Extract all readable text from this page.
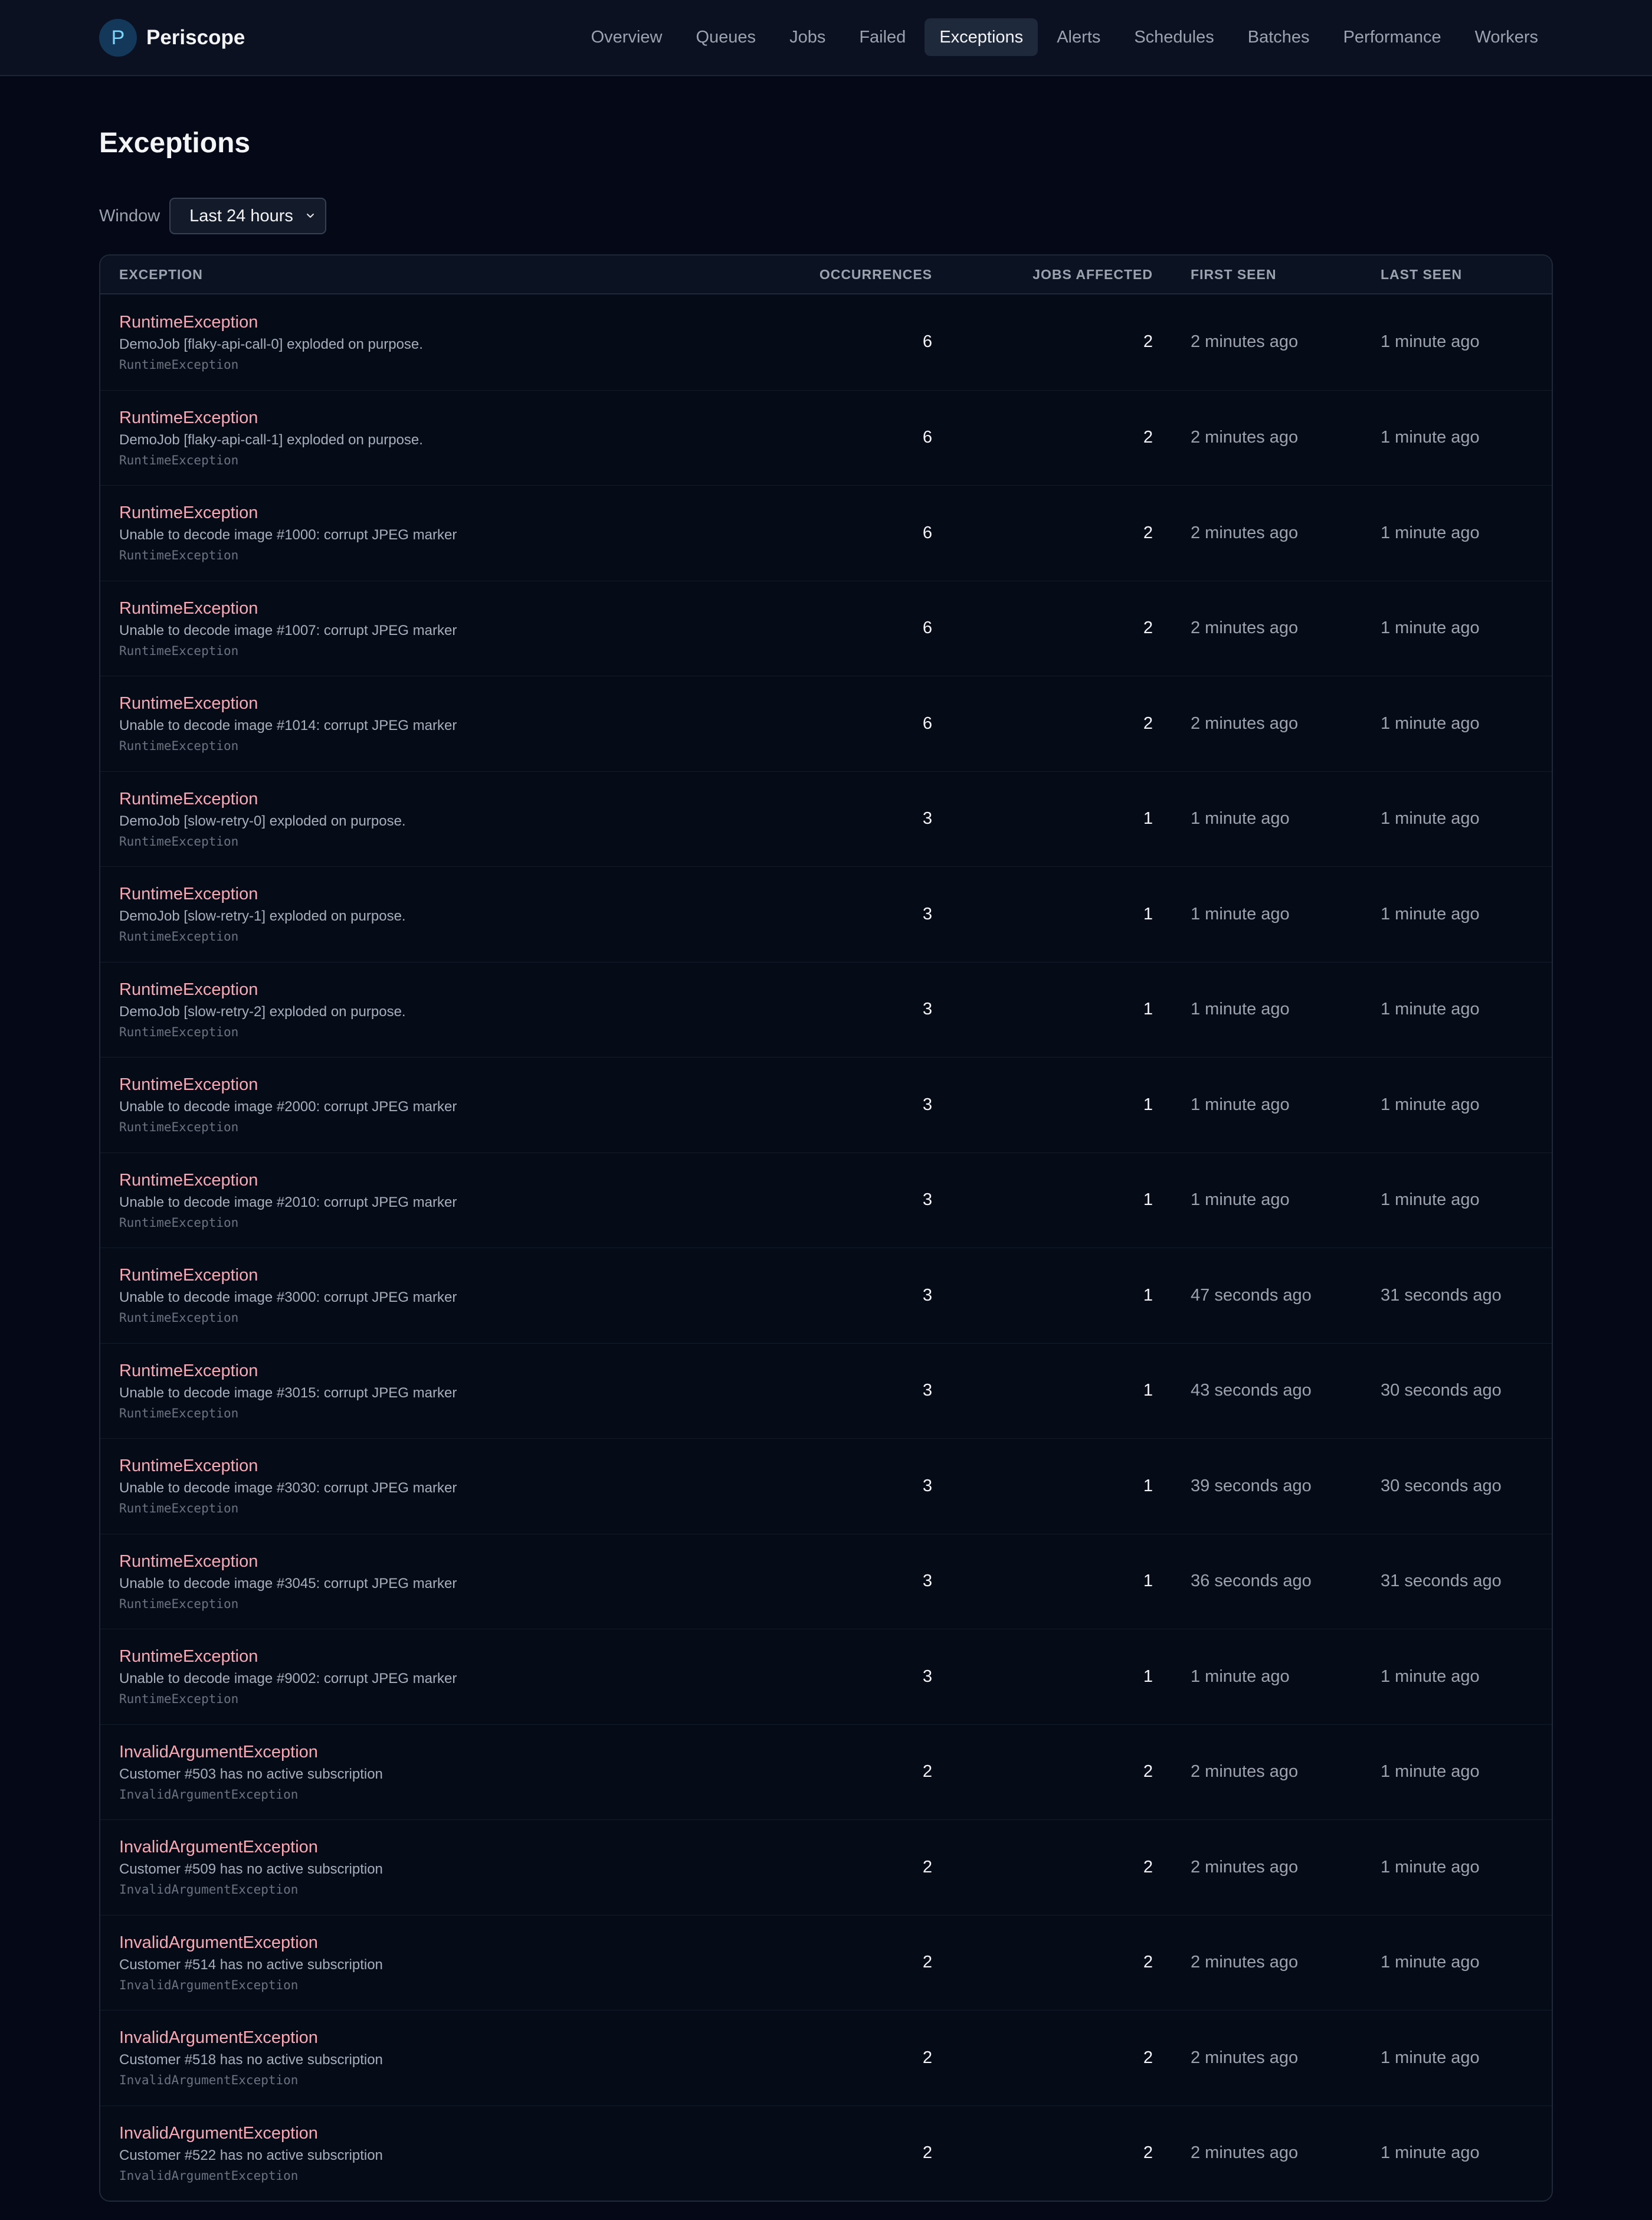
P	Periscope	Overview	Queues	Jobs	Failed	Exceptions	Alerts	Schedules	Batches	Performance	Workers
Exceptions
Window Last 24 hours
EXCEPTION	OCCURRENCES	JOBS AFFECTED	FIRST SEEN	LAST SEEN
RuntimeException
DemoJob [flaky-api-call-0] exploded on purpose.
RuntimeException
6	2	2 minutes ago	1 minute ago
RuntimeException
DemoJob [flaky-api-call-1] exploded on purpose.
RuntimeException
6	2	2 minutes ago	1 minute ago
RuntimeException
Unable to decode image #1000: corrupt JPEG marker
RuntimeException
6	2	2 minutes ago	1 minute ago
RuntimeException
Unable to decode image #1007: corrupt JPEG marker
RuntimeException
6	2	2 minutes ago	1 minute ago
RuntimeException
Unable to decode image #1014: corrupt JPEG marker
RuntimeException
6	2	2 minutes ago	1 minute ago
RuntimeException
DemoJob [slow-retry-0] exploded on purpose.
RuntimeException
3	1	1 minute ago	1 minute ago
RuntimeException
DemoJob [slow-retry-1] exploded on purpose.
RuntimeException
3	1	1 minute ago	1 minute ago
RuntimeException
DemoJob [slow-retry-2] exploded on purpose.
RuntimeException
3	1	1 minute ago	1 minute ago
RuntimeException
Unable to decode image #2000: corrupt JPEG marker
RuntimeException
3	1	1 minute ago	1 minute ago
RuntimeException
Unable to decode image #2010: corrupt JPEG marker
RuntimeException
3	1	1 minute ago	1 minute ago
RuntimeException
Unable to decode image #3000: corrupt JPEG marker
RuntimeException
3	1	47 seconds ago	31 seconds ago
RuntimeException
Unable to decode image #3015: corrupt JPEG marker
RuntimeException
3	1	43 seconds ago	30 seconds ago
RuntimeException
Unable to decode image #3030: corrupt JPEG marker
RuntimeException
3	1	39 seconds ago	30 seconds ago
RuntimeException
Unable to decode image #3045: corrupt JPEG marker
RuntimeException
3	1	36 seconds ago	31 seconds ago
RuntimeException
Unable to decode image #9002: corrupt JPEG marker
RuntimeException
3	1	1 minute ago	1 minute ago
InvalidArgumentException
Customer #503 has no active subscription
InvalidArgumentException
2	2	2 minutes ago	1 minute ago
InvalidArgumentException
Customer #509 has no active subscription
InvalidArgumentException
2	2	2 minutes ago	1 minute ago
InvalidArgumentException
Customer #514 has no active subscription
InvalidArgumentException
2	2	2 minutes ago	1 minute ago
InvalidArgumentException
Customer #518 has no active subscription
InvalidArgumentException
2	2	2 minutes ago	1 minute ago
InvalidArgumentException
Customer #522 has no active subscription
InvalidArgumentException
2	2	2 minutes ago	1 minute ago
